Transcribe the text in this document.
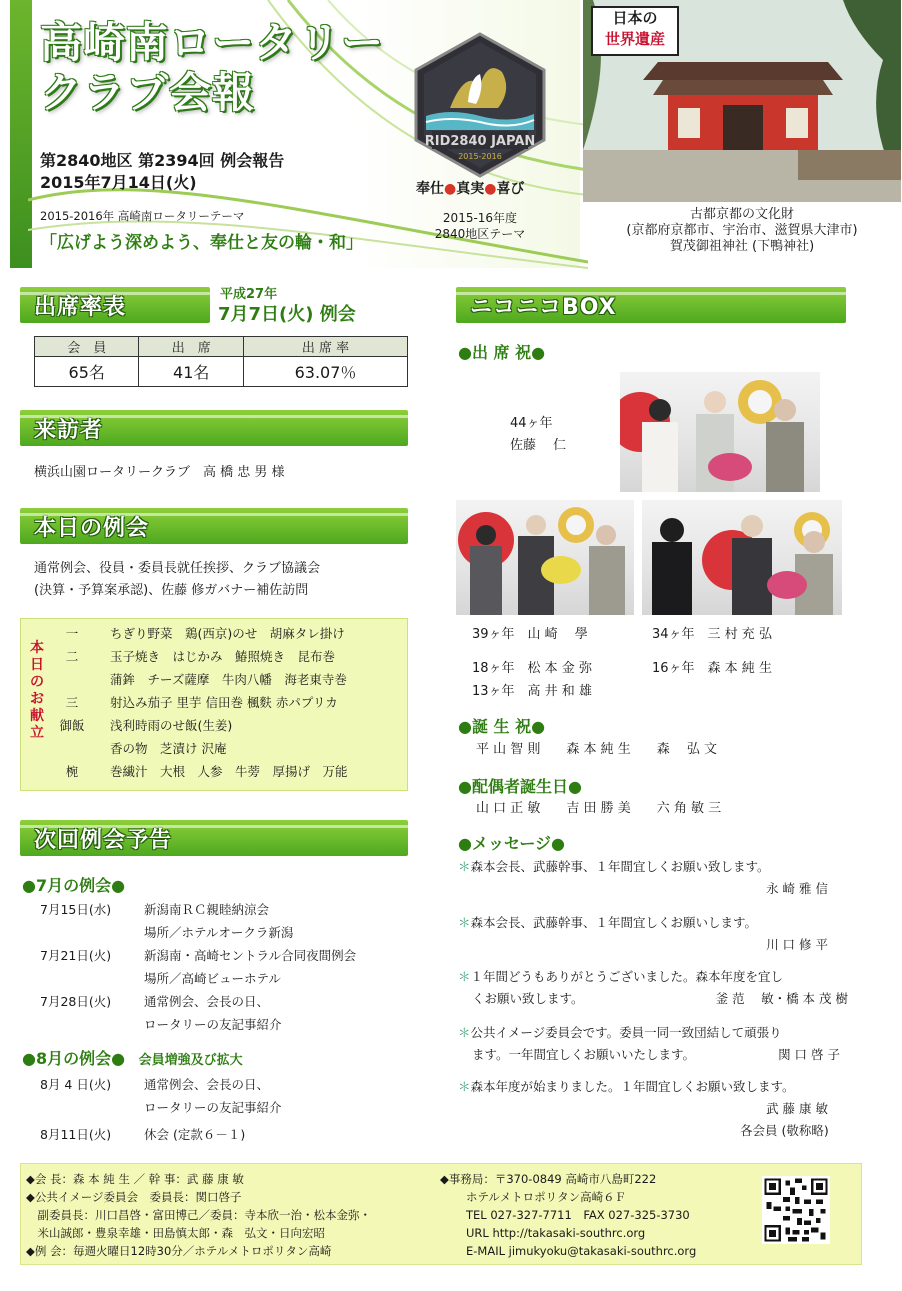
高崎南ロータリー
クラブ会報
第2840地区 第2394回 例会報告
2015年7月14日(火)
2015-2016年 高崎南ロータリーテーマ
「広げよう深めよう、奉仕と友の輪・和」
RID2840 JAPAN
2015-2016
奉仕●真実●喜び
2015-16年度
2840地区テーマ
日本の
世界遺産
古都京都の文化財
(京都府京都市、宇治市、滋賀県大津市)
賀茂御祖神社 (下鴨神社)
出席率表
平成27年
7月7日(火) 例会
会　員	出　席	出 席 率
65名	41名	63.07％
来訪者
横浜山園ロータリークラブ　高 橋 忠 男 様
本日の例会
通常例会、役員・委員長就任挨拶、クラブ協議会
(決算・予算案承認)、佐藤 修ガバナー補佐訪問
本
日
の
お
献
立
一	ちぎり野菜　鶏(西京)のせ　胡麻タレ掛け
二	玉子焼き　はじかみ　鰆照焼き　昆布巻
蒲鉾　チーズ薩摩　牛肉八幡　海老東寺巻
三	射込み茄子 里芋 信田巻 楓麩 赤パプリカ
御飯	浅利時雨のせ飯(生姜)
香の物　芝漬け 沢庵
椀	巻繊汁　大根　人参　牛蒡　厚揚げ　万能
次回例会予告
●7月の例会●
7月15日(水)	新潟南ＲＣ親睦納涼会
場所／ホテルオークラ新潟
7月21日(火)	新潟南・高崎セントラル合同夜間例会
場所／高崎ビューホテル
7月28日(火)	通常例会、会長の日、
ロータリーの友記事紹介
●8月の例会● 会員増強及び拡大
8月 4 日(火)	通常例会、会長の日、
ロータリーの友記事紹介
8月11日(火)	休会 (定款６－１)
ニコニコBOX
●出 席 祝●
44ヶ年
佐藤　 仁
39ヶ年　山 崎　 學	34ヶ年　三 村 充 弘
18ヶ年　松 本 金 弥	16ヶ年　森 本 純 生
13ヶ年　高 井 和 雄
●誕 生 祝●
平 山 智 則　　森 本 純 生　　森　 弘 文
●配偶者誕生日●
山 口 正 敏　　吉 田 勝 美　　六 角 敏 三
●メッセージ●
＊森本会長、武藤幹事、１年間宜しくお願い致します。
永 崎 雅 信
＊森本会長、武藤幹事、１年間宜しくお願いします。
川 口 修 平
＊１年間どうもありがとうございました。森本年度を宜し
くお願い致します。	釜 范　 敏・橋 本 茂 樹
＊公共イメージ委員会です。委員一同一致団結して頑張り
ます。一年間宜しくお願いいたします。	関 口 啓 子
＊森本年度が始まりました。１年間宜しくお願い致します。
武 藤 康 敏
各会員 (敬称略)
◆会 長：森 本 純 生 ／ 幹 事：武 藤 康 敏
◆公共イメージ委員会　委員長：関口啓子
　副委員長：川口昌啓・富田博己／委員：寺本欣一治・松本金弥・
　米山誠郎・豊泉幸雄・田島慎太郎・森　弘文・日向宏昭
◆例 会：毎週火曜日12時30分／ホテルメトロポリタン高崎
◆事務局：〒370-0849 高崎市八島町222
ホテルメトロポリタン高崎６Ｆ
TEL 027-327-7711　FAX 027-325-3730
URL http://takasaki-southrc.org
E-MAIL jimukyoku@takasaki-southrc.org
